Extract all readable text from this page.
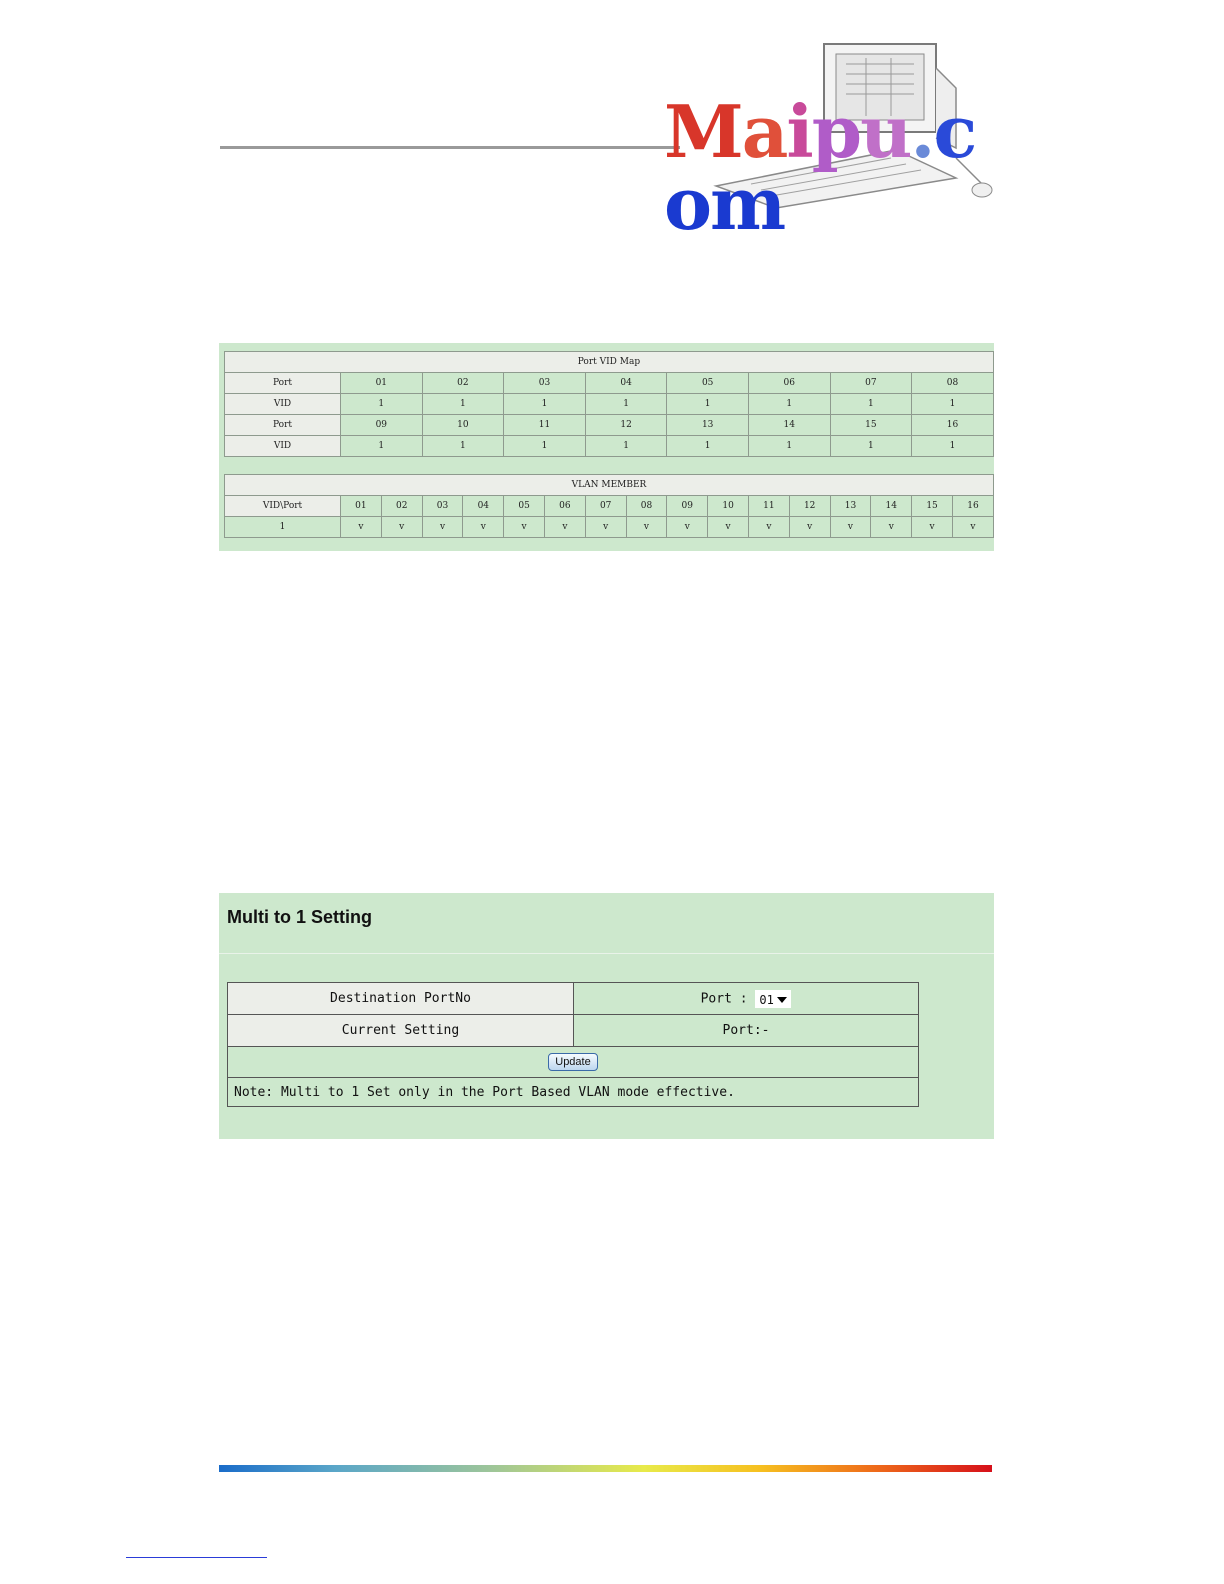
Maipu.com
Port VID Map								
Port	01	02	03	04	05	06	07	08
VID	1	1	1	1	1	1	1	1
Port	09	10	11	12	13	14	15	16
VID	1	1	1	1	1	1	1	1
VLAN MEMBER																
VID\Port	01	02	03	04	05	06	07	08	09	10	11	12	13	14	15	16
1	v	v	v	v	v	v	v	v	v	v	v	v	v	v	v	v
Multi to 1 Setting
Destination PortNo	Port : 01

Current Setting	Port:-
Update	
Note: Multi to 1 Set only in the Port Based VLAN mode effective.	
